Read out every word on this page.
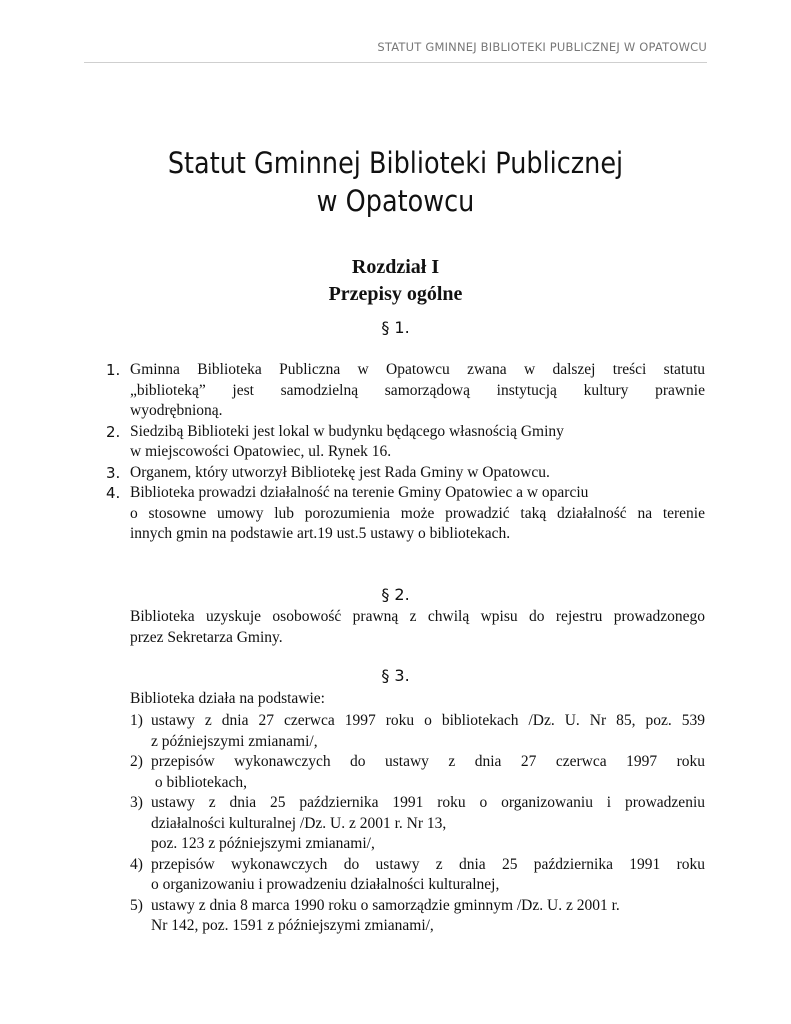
STATUT GMINNEJ BIBLIOTEKI PUBLICZNEJ W OPATOWCU
Statut Gminnej Biblioteki Publicznej
w Opatowcu
Rozdział I
Przepisy ogólne
§ 1.
1. Gminna Biblioteka Publiczna w Opatowcu zwana w dalszej treści statutu
„biblioteką” jest samodzielną samorządową instytucją kultury prawnie
wyodrębnioną.
2. Siedzibą Biblioteki jest lokal w budynku będącego własnością Gminy
w miejscowości Opatowiec, ul. Rynek 16.
3. Organem, który utworzył Bibliotekę jest Rada Gminy w Opatowcu.
4. Biblioteka prowadzi działalność na terenie Gminy Opatowiec a w oparciu
o stosowne umowy lub porozumienia może prowadzić taką działalność na terenie
innych gmin na podstawie art.19 ust.5 ustawy o bibliotekach.
§ 2.
Biblioteka uzyskuje osobowość prawną z chwilą wpisu do rejestru prowadzonego
przez Sekretarza Gminy.
§ 3.
Biblioteka działa na podstawie:
1) ustawy z dnia 27 czerwca 1997 roku o bibliotekach /Dz. U. Nr 85, poz. 539
z późniejszymi zmianami/,
2) przepisów wykonawczych do ustawy z dnia 27 czerwca 1997 roku
o bibliotekach,
3) ustawy z dnia 25 października 1991 roku o organizowaniu i prowadzeniu
działalności kulturalnej /Dz. U. z 2001 r. Nr 13,
poz. 123 z późniejszymi zmianami/,
4) przepisów wykonawczych do ustawy z dnia 25 października 1991 roku
o organizowaniu i prowadzeniu działalności kulturalnej,
5) ustawy z dnia 8 marca 1990 roku o samorządzie gminnym /Dz. U. z 2001 r.
Nr 142, poz. 1591 z późniejszymi zmianami/,
